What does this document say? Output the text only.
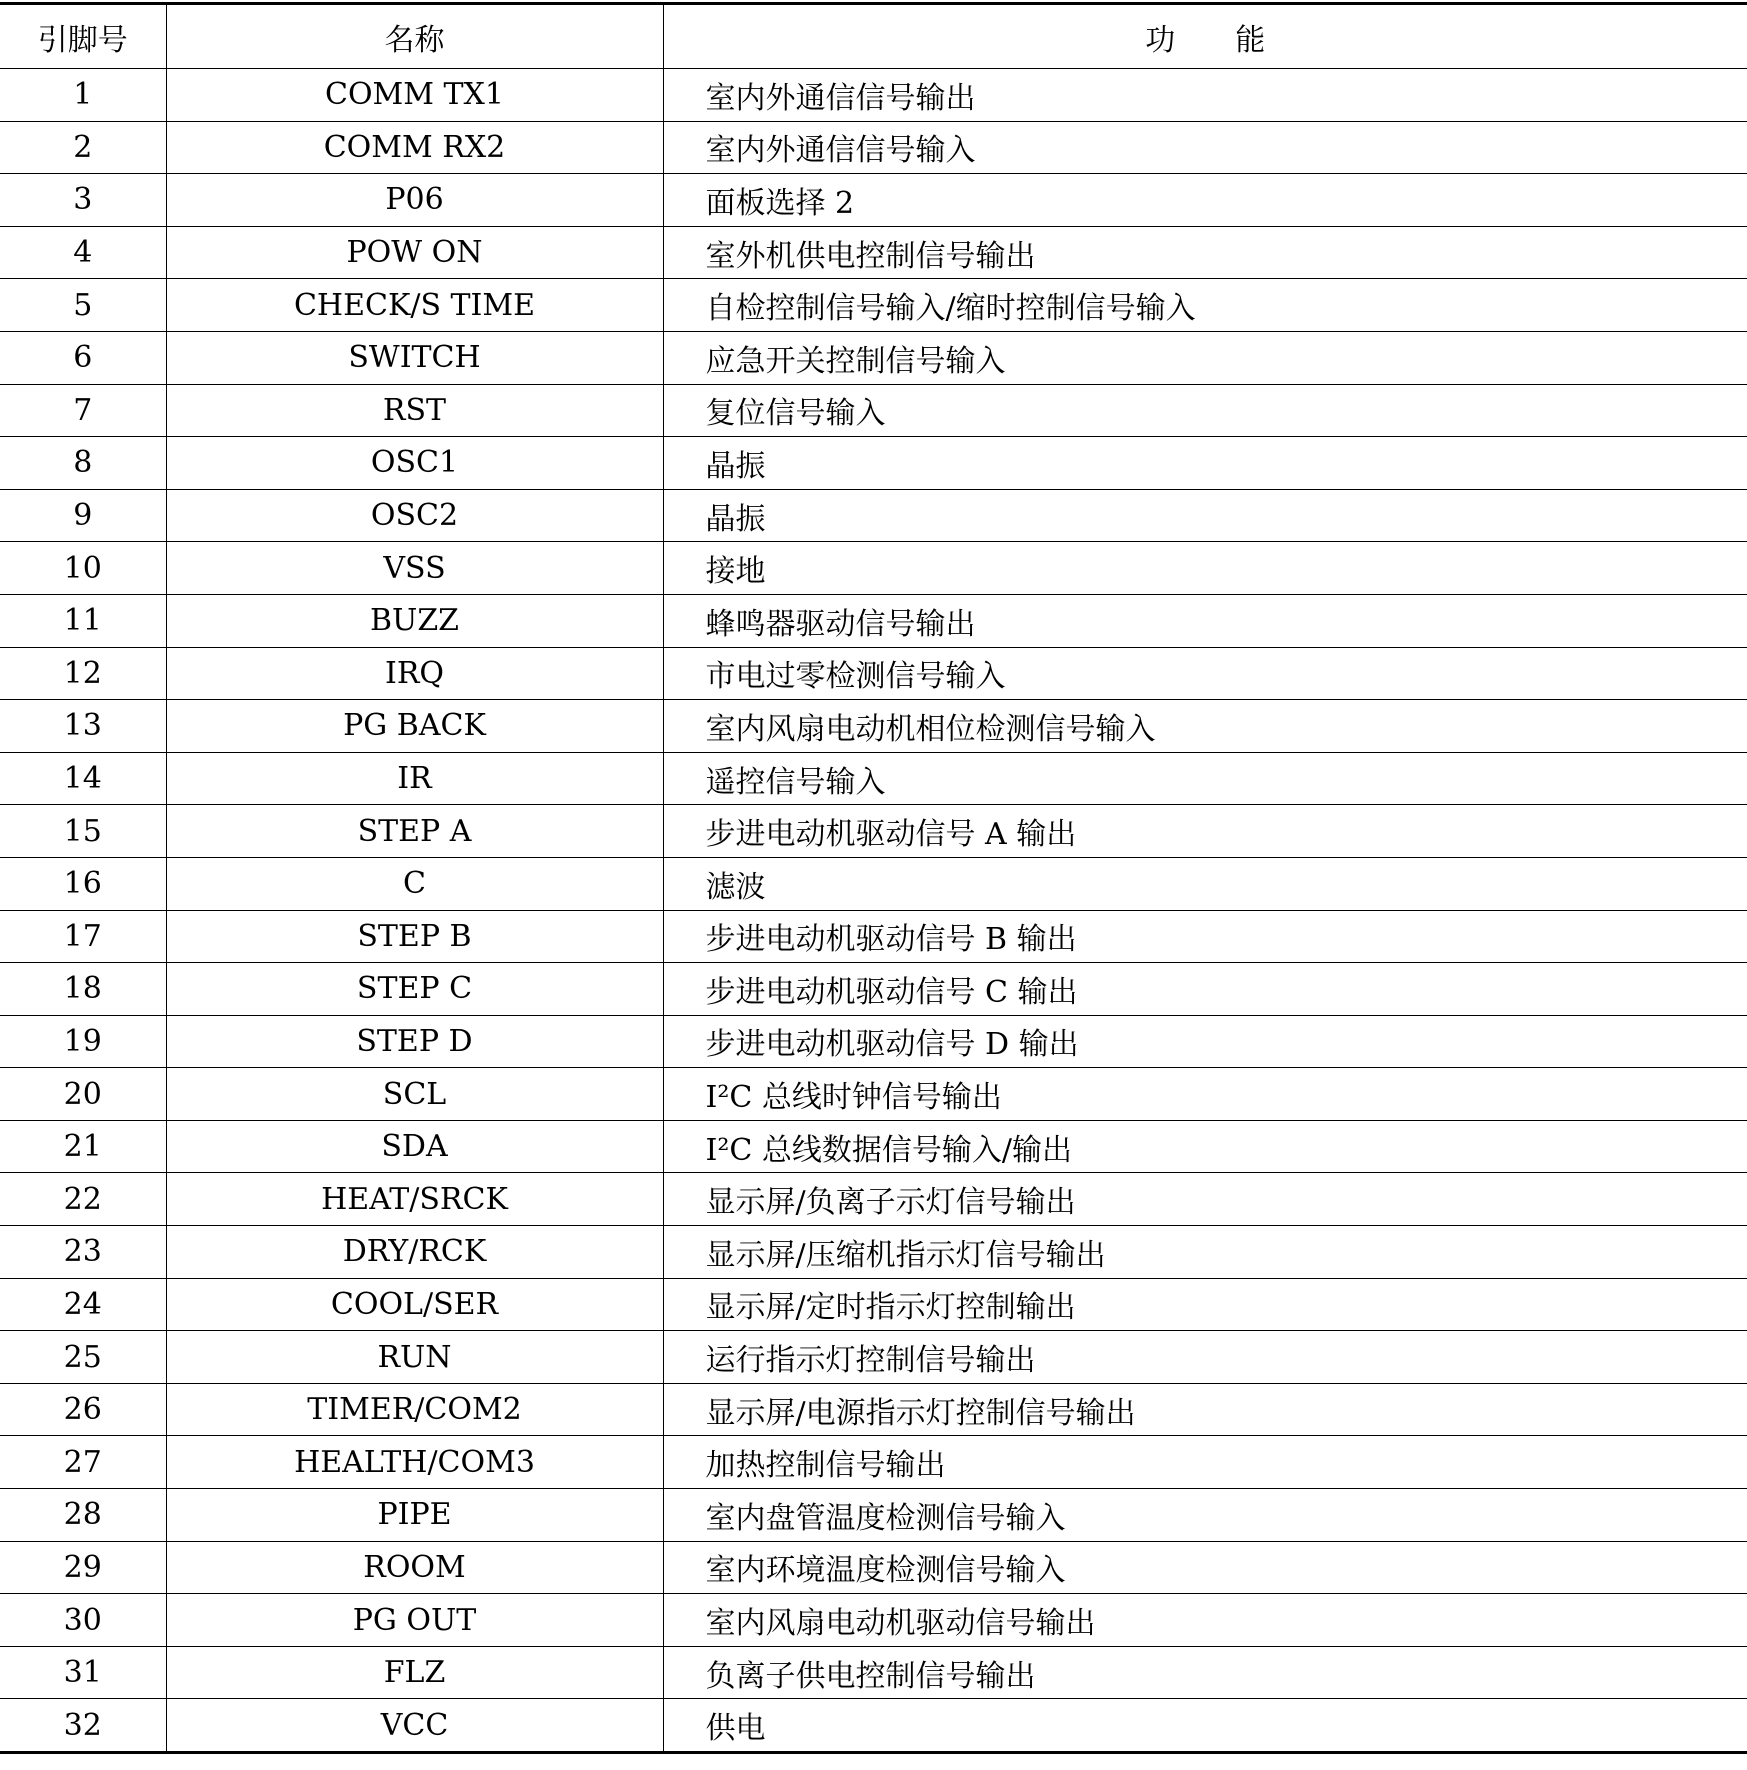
引脚号	名称	功能
1	COMM TX1	室内外通信信号输出
2	COMM RX2	室内外通信信号输入
3	P06	面板选择 2
4	POW ON	室外机供电控制信号输出
5	CHECK/S TIME	自检控制信号输入/缩时控制信号输入
6	SWITCH	应急开关控制信号输入
7	RST	复位信号输入
8	OSC1	晶振
9	OSC2	晶振
10	VSS	接地
11	BUZZ	蜂鸣器驱动信号输出
12	IRQ	市电过零检测信号输入
13	PG BACK	室内风扇电动机相位检测信号输入
14	IR	遥控信号输入
15	STEP A	步进电动机驱动信号 A 输出
16	C	滤波
17	STEP B	步进电动机驱动信号 B 输出
18	STEP C	步进电动机驱动信号 C 输出
19	STEP D	步进电动机驱动信号 D 输出
20	SCL	I²C 总线时钟信号输出
21	SDA	I²C 总线数据信号输入/输出
22	HEAT/SRCK	显示屏/负离子示灯信号输出
23	DRY/RCK	显示屏/压缩机指示灯信号输出
24	COOL/SER	显示屏/定时指示灯控制输出
25	RUN	运行指示灯控制信号输出
26	TIMER/COM2	显示屏/电源指示灯控制信号输出
27	HEALTH/COM3	加热控制信号输出
28	PIPE	室内盘管温度检测信号输入
29	ROOM	室内环境温度检测信号输入
30	PG OUT	室内风扇电动机驱动信号输出
31	FLZ	负离子供电控制信号输出
32	VCC	供电
